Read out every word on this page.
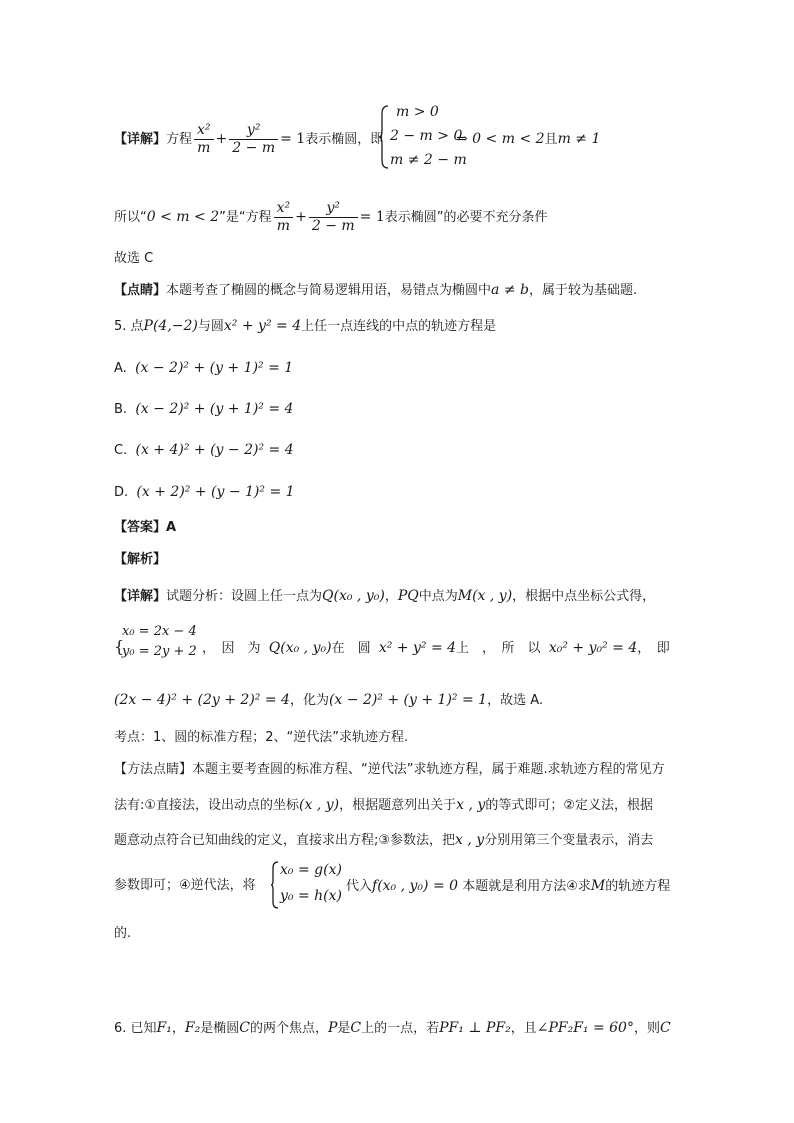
【详解】方程 $\frac{\text{x²}}{m} + \frac{\text{y²}}{2 - m} = 1$表示椭圆，即
m > 0
2 − m > 0
m ≠ 2 − m
⇒ 0 < m < 2且m ≠ 1
所以“0 < m < 2”是“方程 $\frac{\text{x²}}{m} + \frac{\text{y²}}{2 - m} = 1$表示椭圆”的必要不充分条件
故选 C
【点睛】本题考查了椭圆的概念与简易逻辑用语，易错点为椭圆中a ≠ b，属于较为基础题.
5. 点P(4,−2)与圆x² + y² = 4上任一点连线的中点的轨迹方程是
A. (x − 2)² + (y + 1)² = 1
B. (x − 2)² + (y + 1)² = 4
C. (x + 4)² + (y − 2)² = 4
D. (x + 2)² + (y − 1)² = 1
【答案】A
【解析】
【详解】试题分析：设圆上任一点为Q(x₀ , y₀)，PQ中点为M(x , y)，根据中点坐标公式得，
{
x₀ = 2x − 4
y₀ = 2y + 2 ，　因　为 Q(x₀ , y₀)在　圆 x² + y² = 4上　，　所　以 x₀² + y₀² = 4，　即
(2x − 4)² + (2y + 2)² = 4，化为(x − 2)² + (y + 1)² = 1，故选 A.
考点：1、圆的标准方程；2、“逆代法”求轨迹方程.
【方法点睛】本题主要考查圆的标准方程、“逆代法”求轨迹方程，属于难题.求轨迹方程的常见方
法有:①直接法，设出动点的坐标(x , y)，根据题意列出关于x , y的等式即可；②定义法，根据
题意动点符合已知曲线的定义，直接求出方程;③参数法，把x , y分别用第三个变量表示，消去
参数即可；④逆代法，将
x₀ = g(x)
y₀ = h(x)
代入f(x₀ , y₀) = 0 本题就是利用方法④求M的轨迹方程
的.
6. 已知F₁，F₂是椭圆C的两个焦点，P是C上的一点，若PF₁ ⊥ PF₂，且∠PF₂F₁ = 60°，则C
